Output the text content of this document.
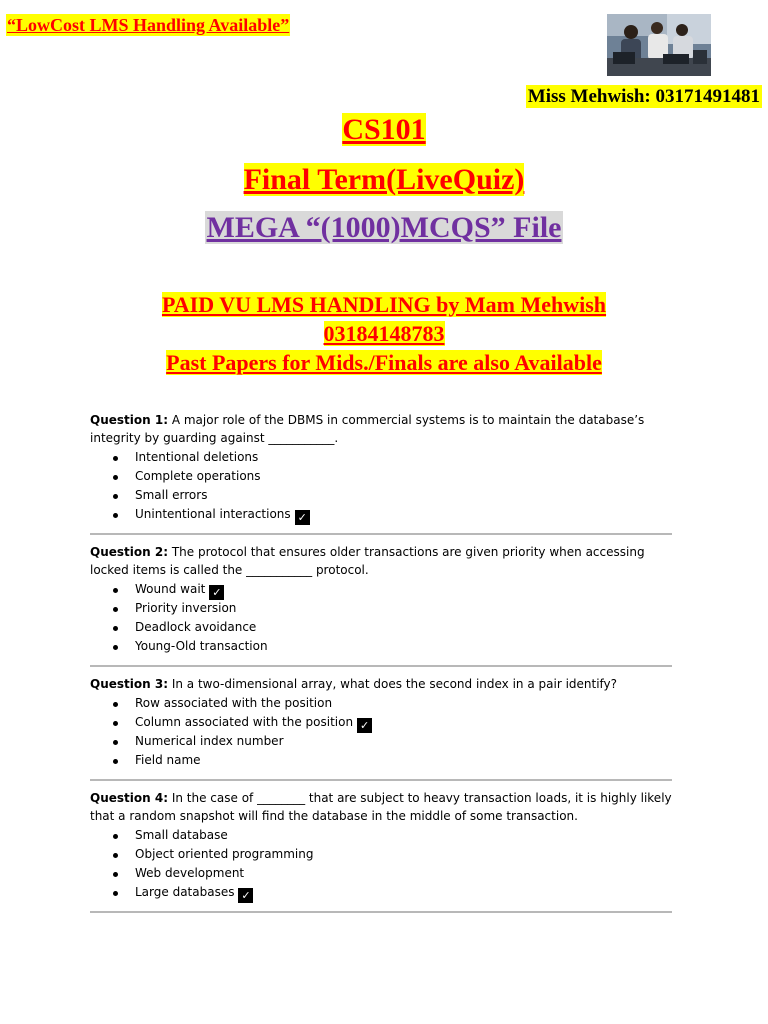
“LowCost LMS Handling Available”
Miss Mehwish: 03171491481
CS101
Final Term(LiveQuiz)
MEGA “(1000)MCQS” File
PAID VU LMS HANDLING by Mam Mehwish
03184148783
Past Papers for Mids./Finals are also Available
Question 1: A major role of the DBMS in commercial systems is to maintain the database’s integrity by guarding against ___________.
Intentional deletions
Complete operations
Small errors
Unintentional interactions ✓
Question 2: The protocol that ensures older transactions are given priority when accessing locked items is called the ___________ protocol.
Wound wait ✓
Priority inversion
Deadlock avoidance
Young-Old transaction
Question 3: In a two-dimensional array, what does the second index in a pair identify?
Row associated with the position
Column associated with the position ✓
Numerical index number
Field name
Question 4: In the case of ________ that are subject to heavy transaction loads, it is highly likely that a random snapshot will find the database in the middle of some transaction.
Small database
Object oriented programming
Web development
Large databases ✓
